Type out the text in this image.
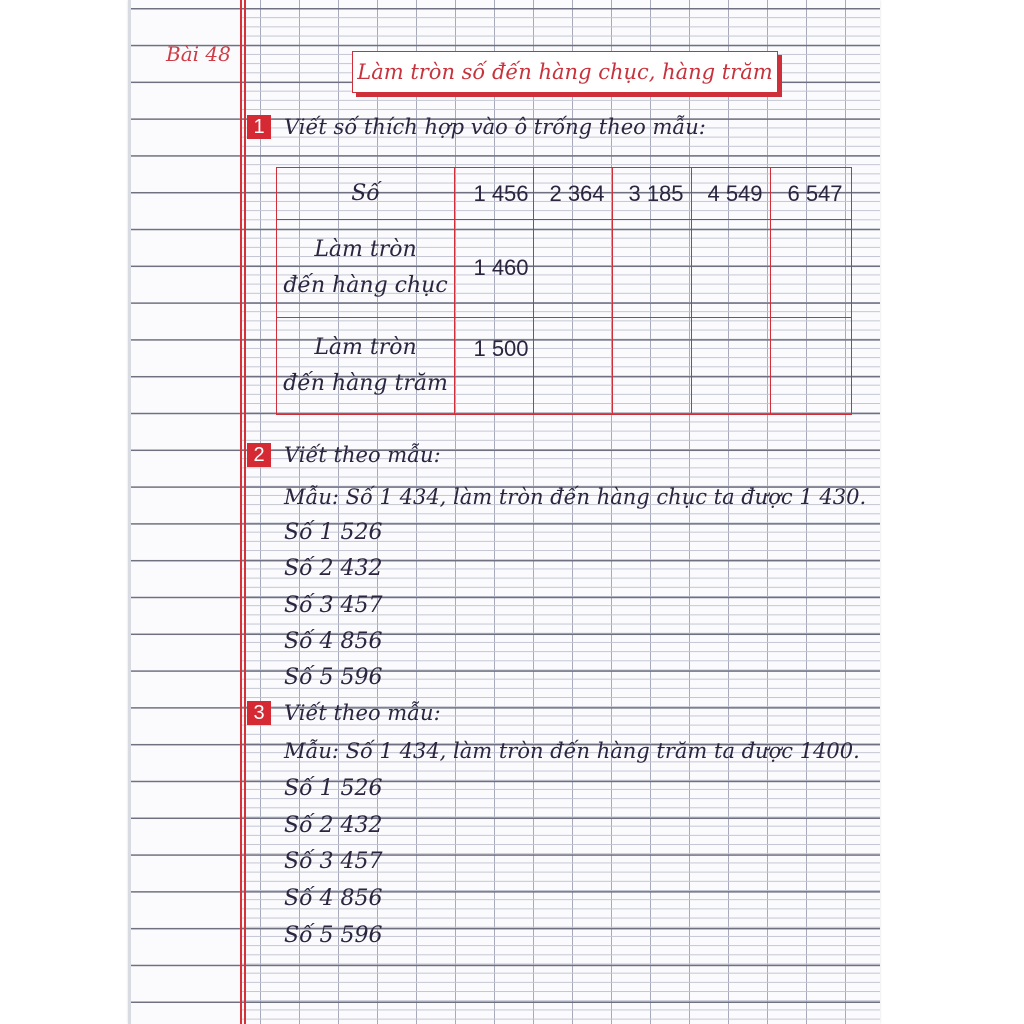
Bài 48
Làm tròn số đến hàng chục, hàng trăm
1 Viết số thích hợp vào ô trống theo mẫu:
Số	1 456	2 364	3 185	4 549	6 547

Làm tròn
đến hàng chục	1 460				

Làm tròn
đến hàng trăm	1 500				
2 Viết theo mẫu:
Mẫu: Số 1 434, làm tròn đến hàng chục ta được 1 430.
Số 1 526
Số 2 432
Số 3 457
Số 4 856
Số 5 596
3 Viết theo mẫu:
Mẫu: Số 1 434, làm tròn đến hàng trăm ta được 1400.
Số 1 526
Số 2 432
Số 3 457
Số 4 856
Số 5 596
